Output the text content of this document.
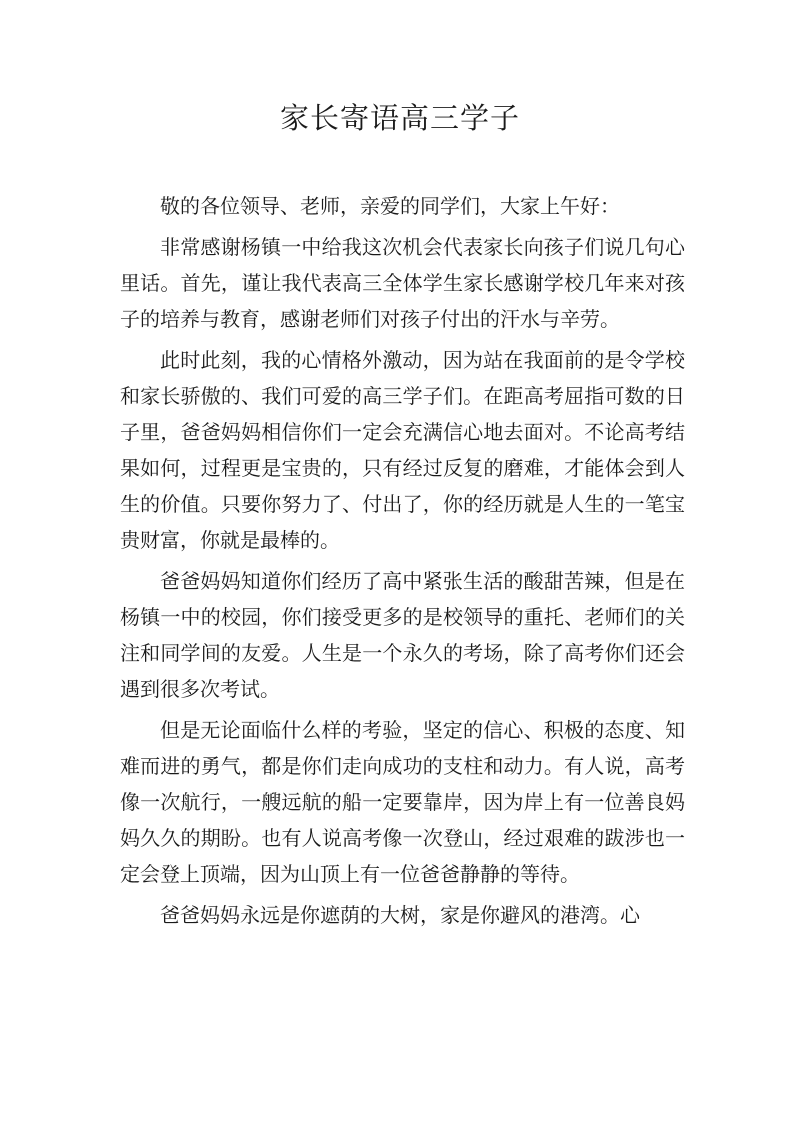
家长寄语高三学子

敬的各位领导、老师，亲爱的同学们，大家上午好：

非常感谢杨镇一中给我这次机会代表家长向孩子们说几句心里话。首先，谨让我代表高三全体学生家长感谢学校几年来对孩子的培养与教育，感谢老师们对孩子付出的汗水与辛劳。

此时此刻，我的心情格外激动，因为站在我面前的是令学校和家长骄傲的、我们可爱的高三学子们。在距高考屈指可数的日子里，爸爸妈妈相信你们一定会充满信心地去面对。不论高考结果如何，过程更是宝贵的，只有经过反复的磨难，才能体会到人生的价值。只要你努力了、付出了，你的经历就是人生的一笔宝贵财富，你就是最棒的。

爸爸妈妈知道你们经历了高中紧张生活的酸甜苦辣，但是在杨镇一中的校园，你们接受更多的是校领导的重托、老师们的关注和同学间的友爱。人生是一个永久的考场，除了高考你们还会遇到很多次考试。

但是无论面临什么样的考验，坚定的信心、积极的态度、知难而进的勇气，都是你们走向成功的支柱和动力。有人说，高考像一次航行，一艘远航的船一定要靠岸，因为岸上有一位善良妈妈久久的期盼。也有人说高考像一次登山，经过艰难的跋涉也一定会登上顶端，因为山顶上有一位爸爸静静的等待。

爸爸妈妈永远是你遮荫的大树，家是你避风的港湾。心
